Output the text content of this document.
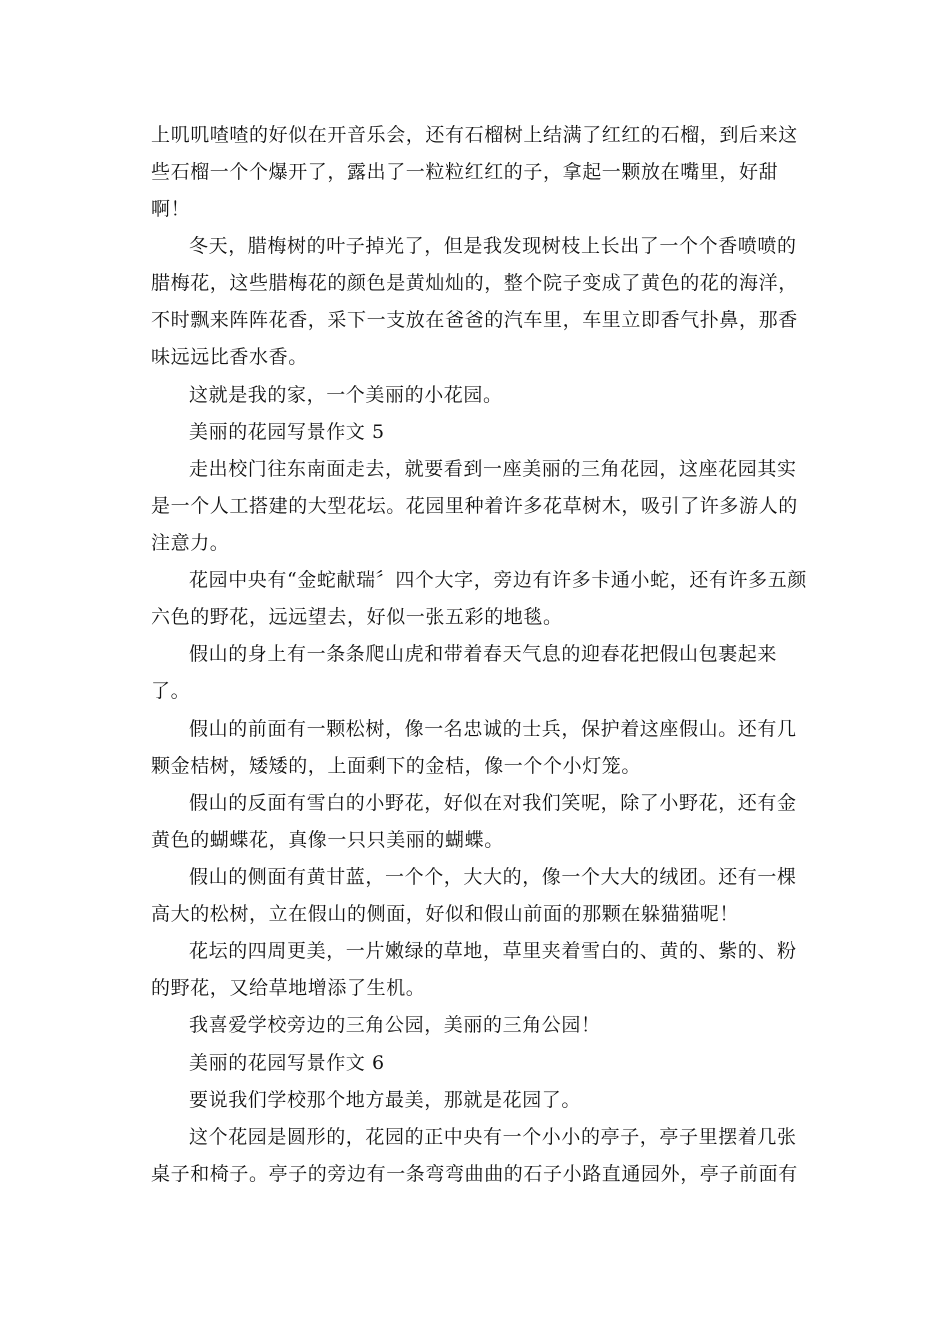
上叽叽喳喳的好似在开音乐会，还有石榴树上结满了红红的石榴，到后来这
些石榴一个个爆开了，露出了一粒粒红红的子，拿起一颗放在嘴里，好甜
啊！
冬天，腊梅树的叶子掉光了，但是我发现树枝上长出了一个个香喷喷的
腊梅花，这些腊梅花的颜色是黄灿灿的，整个院子变成了黄色的花的海洋，
不时飘来阵阵花香，采下一支放在爸爸的汽车里，车里立即香气扑鼻，那香
味远远比香水香。
这就是我的家，一个美丽的小花园。
美丽的花园写景作文 5
走出校门往东南面走去，就要看到一座美丽的三角花园，这座花园其实
是一个人工搭建的大型花坛。花园里种着许多花草树木，吸引了许多游人的
注意力。
花园中央有“金蛇献瑞〞四个大字，旁边有许多卡通小蛇，还有许多五颜
六色的野花，远远望去，好似一张五彩的地毯。
假山的身上有一条条爬山虎和带着春天气息的迎春花把假山包裹起来
了。
假山的前面有一颗松树，像一名忠诚的士兵，保护着这座假山。还有几
颗金桔树，矮矮的，上面剩下的金桔，像一个个小灯笼。
假山的反面有雪白的小野花，好似在对我们笑呢，除了小野花，还有金
黄色的蝴蝶花，真像一只只美丽的蝴蝶。
假山的侧面有黄甘蓝，一个个，大大的，像一个大大的绒团。还有一棵
高大的松树，立在假山的侧面，好似和假山前面的那颗在躲猫猫呢！
花坛的四周更美，一片嫩绿的草地，草里夹着雪白的、黄的、紫的、粉
的野花，又给草地增添了生机。
我喜爱学校旁边的三角公园，美丽的三角公园！
美丽的花园写景作文 6
要说我们学校那个地方最美，那就是花园了。
这个花园是圆形的，花园的正中央有一个小小的亭子，亭子里摆着几张
桌子和椅子。亭子的旁边有一条弯弯曲曲的石子小路直通园外，亭子前面有
